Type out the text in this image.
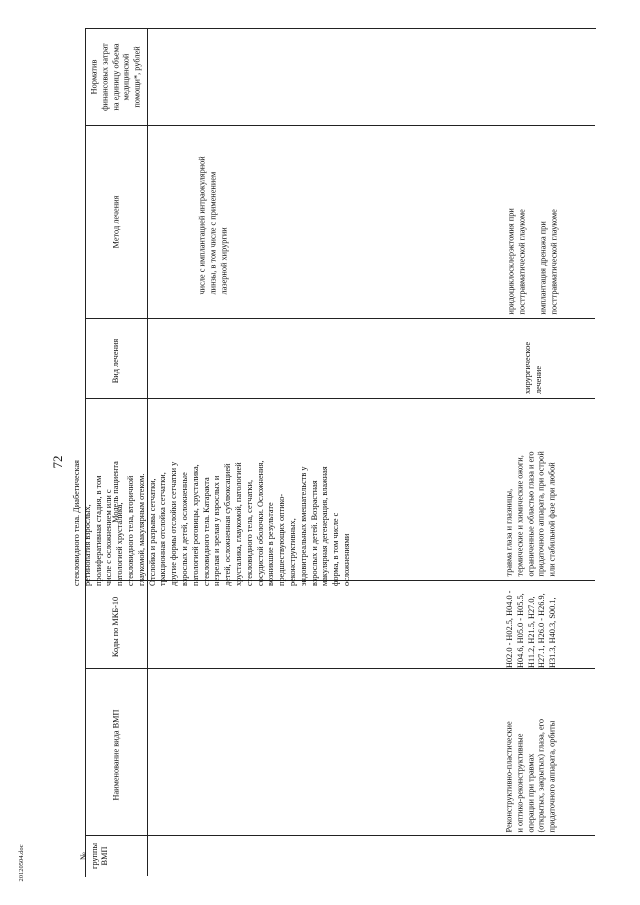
72
20120504.doc	№ группы ВМП
Наименование вида ВМП
Коды по МКБ-10
Модель пациента
Вид лечения
Метод лечения
Норматив финансовых затрат на единицу объема медицинской помощи*, рублей
стекловидного тела. Диабетическая ретинопатия взрослых, пролиферативная стадия, в том числе с осложнением или с патологией хрусталика, стекловидного тела, вторичной глаукомой, макулярным отеком. Отслойка и разрывы сетчатки, тракционная отслойка сетчатки, другие формы отслойки сетчатки у взрослых и детей, осложненные патологией роговицы, хрусталика, стекловидного тела. Катаракта незрелая и зрелая у взрослых и детей, осложненная сублюксацией хрусталика, глаукомой, патологией стекловидного тела, сетчатки, сосудистой оболочки. Осложнения, возникшие в результате предшествующих оптико- реконструктивных, эндовитреальных вмешательств у взрослых и детей. Возрастная макулярная дегенерация, влажная форма, в том числе с осложнениями
числе с имплантацией интраокулярной линзы, в том числе с применением лазерной хирургии
Реконструктивно-пластические и оптико-реконструктивные операции при травмах (открытых, закрытых) глаза, его придаточного аппарата, орбиты
H02.0 - H02.5, H04.0 - H04.6, H05.0 - H05.5, H11.2, H21.5, H27.0, H27.1, H26.0 - H26.9, H31.3, H40.3, S00.1,
травма глаза и глазницы, термические и химические ожоги, ограниченные областью глаза и его придаточного аппарата, при острой или стабильной фазе при любой
хирургическое лечение
иридоциклосклерэктомия при посттравматической глаукоме имплантация дренажа при посттравматической глаукоме
